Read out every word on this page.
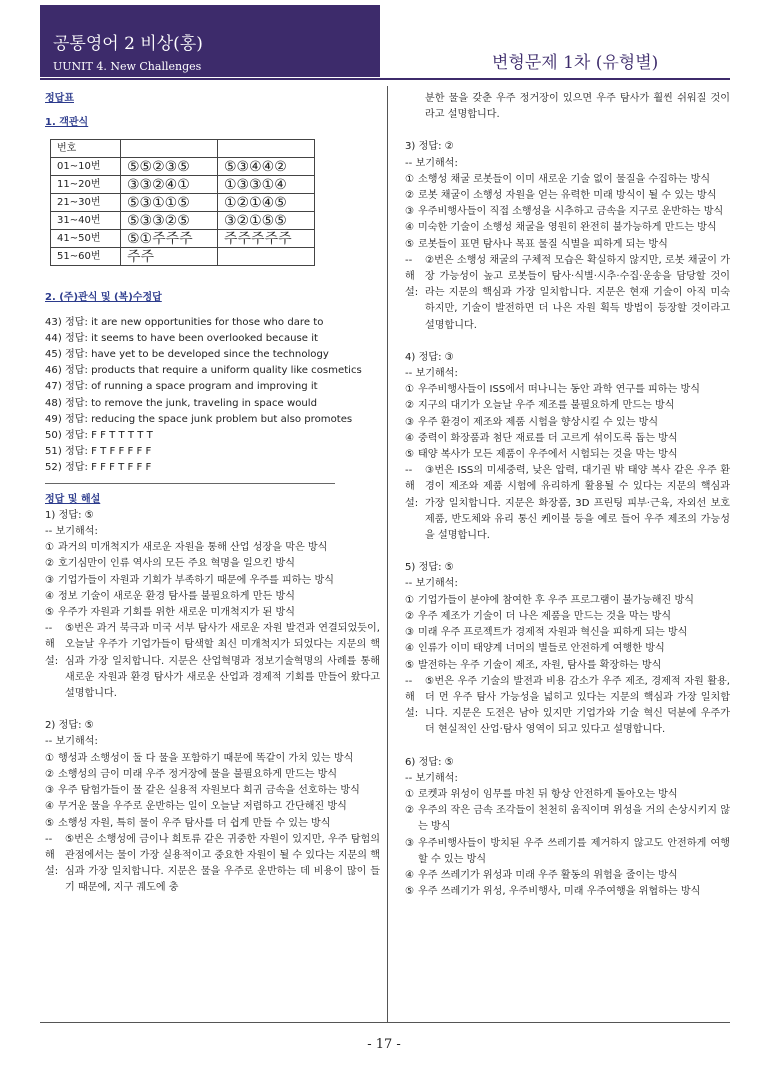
공통영어 2 비상(홍)
UUNIT 4. New Challenges	변형문제 1차 (유형별)
정답표
1. 객관식
번호		
01~10번	⑤⑤②③⑤	⑤③④④②
11~20번	③③②④①	①③③①④
21~30번	⑤③①①⑤	①②①④⑤
31~40번	⑤③③②⑤	③②①⑤⑤
41~50번	⑤①주주주	주주주주주
51~60번	주주	
2. (주)관식 및 (복)수정답
43) 정답: it are new opportunities for those who dare to
44) 정답: it seems to have been overlooked because it
45) 정답: have yet to be developed since the technology
46) 정답: products that require a uniform quality like cosmetics
47) 정답: of running a space program and improving it
48) 정답: to remove the junk, traveling in space would
49) 정답: reducing the space junk problem but also promotes
50) 정답: F F T T T T T
51) 정답: F T F F F F F
52) 정답: F F F T F F F
정답 및 해설
1) 정답: ⑤
-- 보기해석:
① 과거의 미개척지가 새로운 자원을 통해 산업 성장을 막은 방식
② 호기심만이 인류 역사의 모든 주요 혁명을 일으킨 방식
③ 기업가들이 자원과 기회가 부족하기 때문에 우주를 피하는 방식
④ 정보 기술이 새로운 환경 탐사를 불필요하게 만든 방식
⑤ 우주가 자원과 기회를 위한 새로운 미개척지가 된 방식
-- 해설:
⑤번은 과거 북극과 미국 서부 탐사가 새로운 자원 발견과 연결되었듯이, 오늘날 우주가 기업가들이 탐색할 최신 미개척지가 되었다는 지문의 핵심과 가장 일치합니다. 지문은 산업혁명과 정보기술혁명의 사례를 통해 새로운 자원과 환경 탐사가 새로운 산업과 경제적 기회를 만들어 왔다고 설명합니다.
2) 정답: ⑤
-- 보기해석:
① 행성과 소행성이 둘 다 물을 포함하기 때문에 똑같이 가치 있는 방식
② 소행성의 금이 미래 우주 정거장에 물을 불필요하게 만드는 방식
③ 우주 탐험가들이 물 같은 실용적 자원보다 희귀 금속을 선호하는 방식
④ 무거운 물을 우주로 운반하는 일이 오늘날 저렴하고 간단해진 방식
⑤ 소행성 자원, 특히 물이 우주 탐사를 더 쉽게 만들 수 있는 방식
-- 해설:
⑤번은 소행성에 금이나 희토류 같은 귀중한 자원이 있지만, 우주 탐험의 관점에서는 물이 가장 실용적이고 중요한 자원이 될 수 있다는 지문의 핵심과 가장 일치합니다. 지문은 물을 우주로 운반하는 데 비용이 많이 들기 때문에, 지구 궤도에 충
분한 물을 갖춘 우주 정거장이 있으면 우주 탐사가 훨씬 쉬워질 것이라고 설명합니다.
3) 정답: ②
-- 보기해석:
① 소행성 채굴 로봇들이 이미 새로운 기술 없이 물질을 수집하는 방식
② 로봇 채굴이 소행성 자원을 얻는 유력한 미래 방식이 될 수 있는 방식
③ 우주비행사들이 직접 소행성을 시추하고 금속을 지구로 운반하는 방식
④ 미숙한 기술이 소행성 채굴을 영원히 완전히 불가능하게 만드는 방식
⑤ 로봇들이 표면 탐사나 목표 물질 식별을 피하게 되는 방식
-- 해설:
②번은 소행성 채굴의 구체적 모습은 확실하지 않지만, 로봇 채굴이 가장 가능성이 높고 로봇들이 탐사·식별·시추·수집·운송을 담당할 것이라는 지문의 핵심과 가장 일치합니다. 지문은 현재 기술이 아직 미숙하지만, 기술이 발전하면 더 나은 자원 획득 방법이 등장할 것이라고 설명합니다.
4) 정답: ③
-- 보기해석:
① 우주비행사들이 ISS에서 떠나니는 동안 과학 연구를 피하는 방식
② 지구의 대기가 오늘날 우주 제조를 불필요하게 만드는 방식
③ 우주 환경이 제조와 제품 시험을 향상시킬 수 있는 방식
④ 중력이 화장품과 첨단 재료를 더 고르게 섞이도록 돕는 방식
⑤ 태양 복사가 모든 제품이 우주에서 시험되는 것을 막는 방식
-- 해설:
③번은 ISS의 미세중력, 낮은 압력, 대기권 밖 태양 복사 같은 우주 환경이 제조와 제품 시험에 유리하게 활용될 수 있다는 지문의 핵심과 가장 일치합니다. 지문은 화장품, 3D 프린팅 피부·근육, 자외선 보호 제품, 반도체와 유리 통신 케이블 등을 예로 들어 우주 제조의 가능성을 설명합니다.
5) 정답: ⑤
-- 보기해석:
① 기업가들이 분야에 참여한 후 우주 프로그램이 불가능해진 방식
② 우주 제조가 기술이 더 나은 제품을 만드는 것을 막는 방식
③ 미래 우주 프로젝트가 경제적 자원과 혁신을 피하게 되는 방식
④ 인류가 이미 태양계 너머의 별들로 안전하게 여행한 방식
⑤ 발전하는 우주 기술이 제조, 자원, 탐사를 확장하는 방식
-- 해설:
⑤번은 우주 기술의 발전과 비용 감소가 우주 제조, 경제적 자원 활용, 더 먼 우주 탐사 가능성을 넓히고 있다는 지문의 핵심과 가장 일치합니다. 지문은 도전은 남아 있지만 기업가와 기술 혁신 덕분에 우주가 더 현실적인 산업·탐사 영역이 되고 있다고 설명합니다.
6) 정답: ⑤
-- 보기해석:
① 로켓과 위성이 임무를 마친 뒤 항상 안전하게 돌아오는 방식
② 우주의 작은 금속 조각들이 천천히 움직이며 위성을 거의 손상시키지 않는 방식
③ 우주비행사들이 방치된 우주 쓰레기를 제거하지 않고도 안전하게 여행할 수 있는 방식
④ 우주 쓰레기가 위성과 미래 우주 활동의 위험을 줄이는 방식
⑤ 우주 쓰레기가 위성, 우주비행사, 미래 우주여행을 위협하는 방식
- 17 -
